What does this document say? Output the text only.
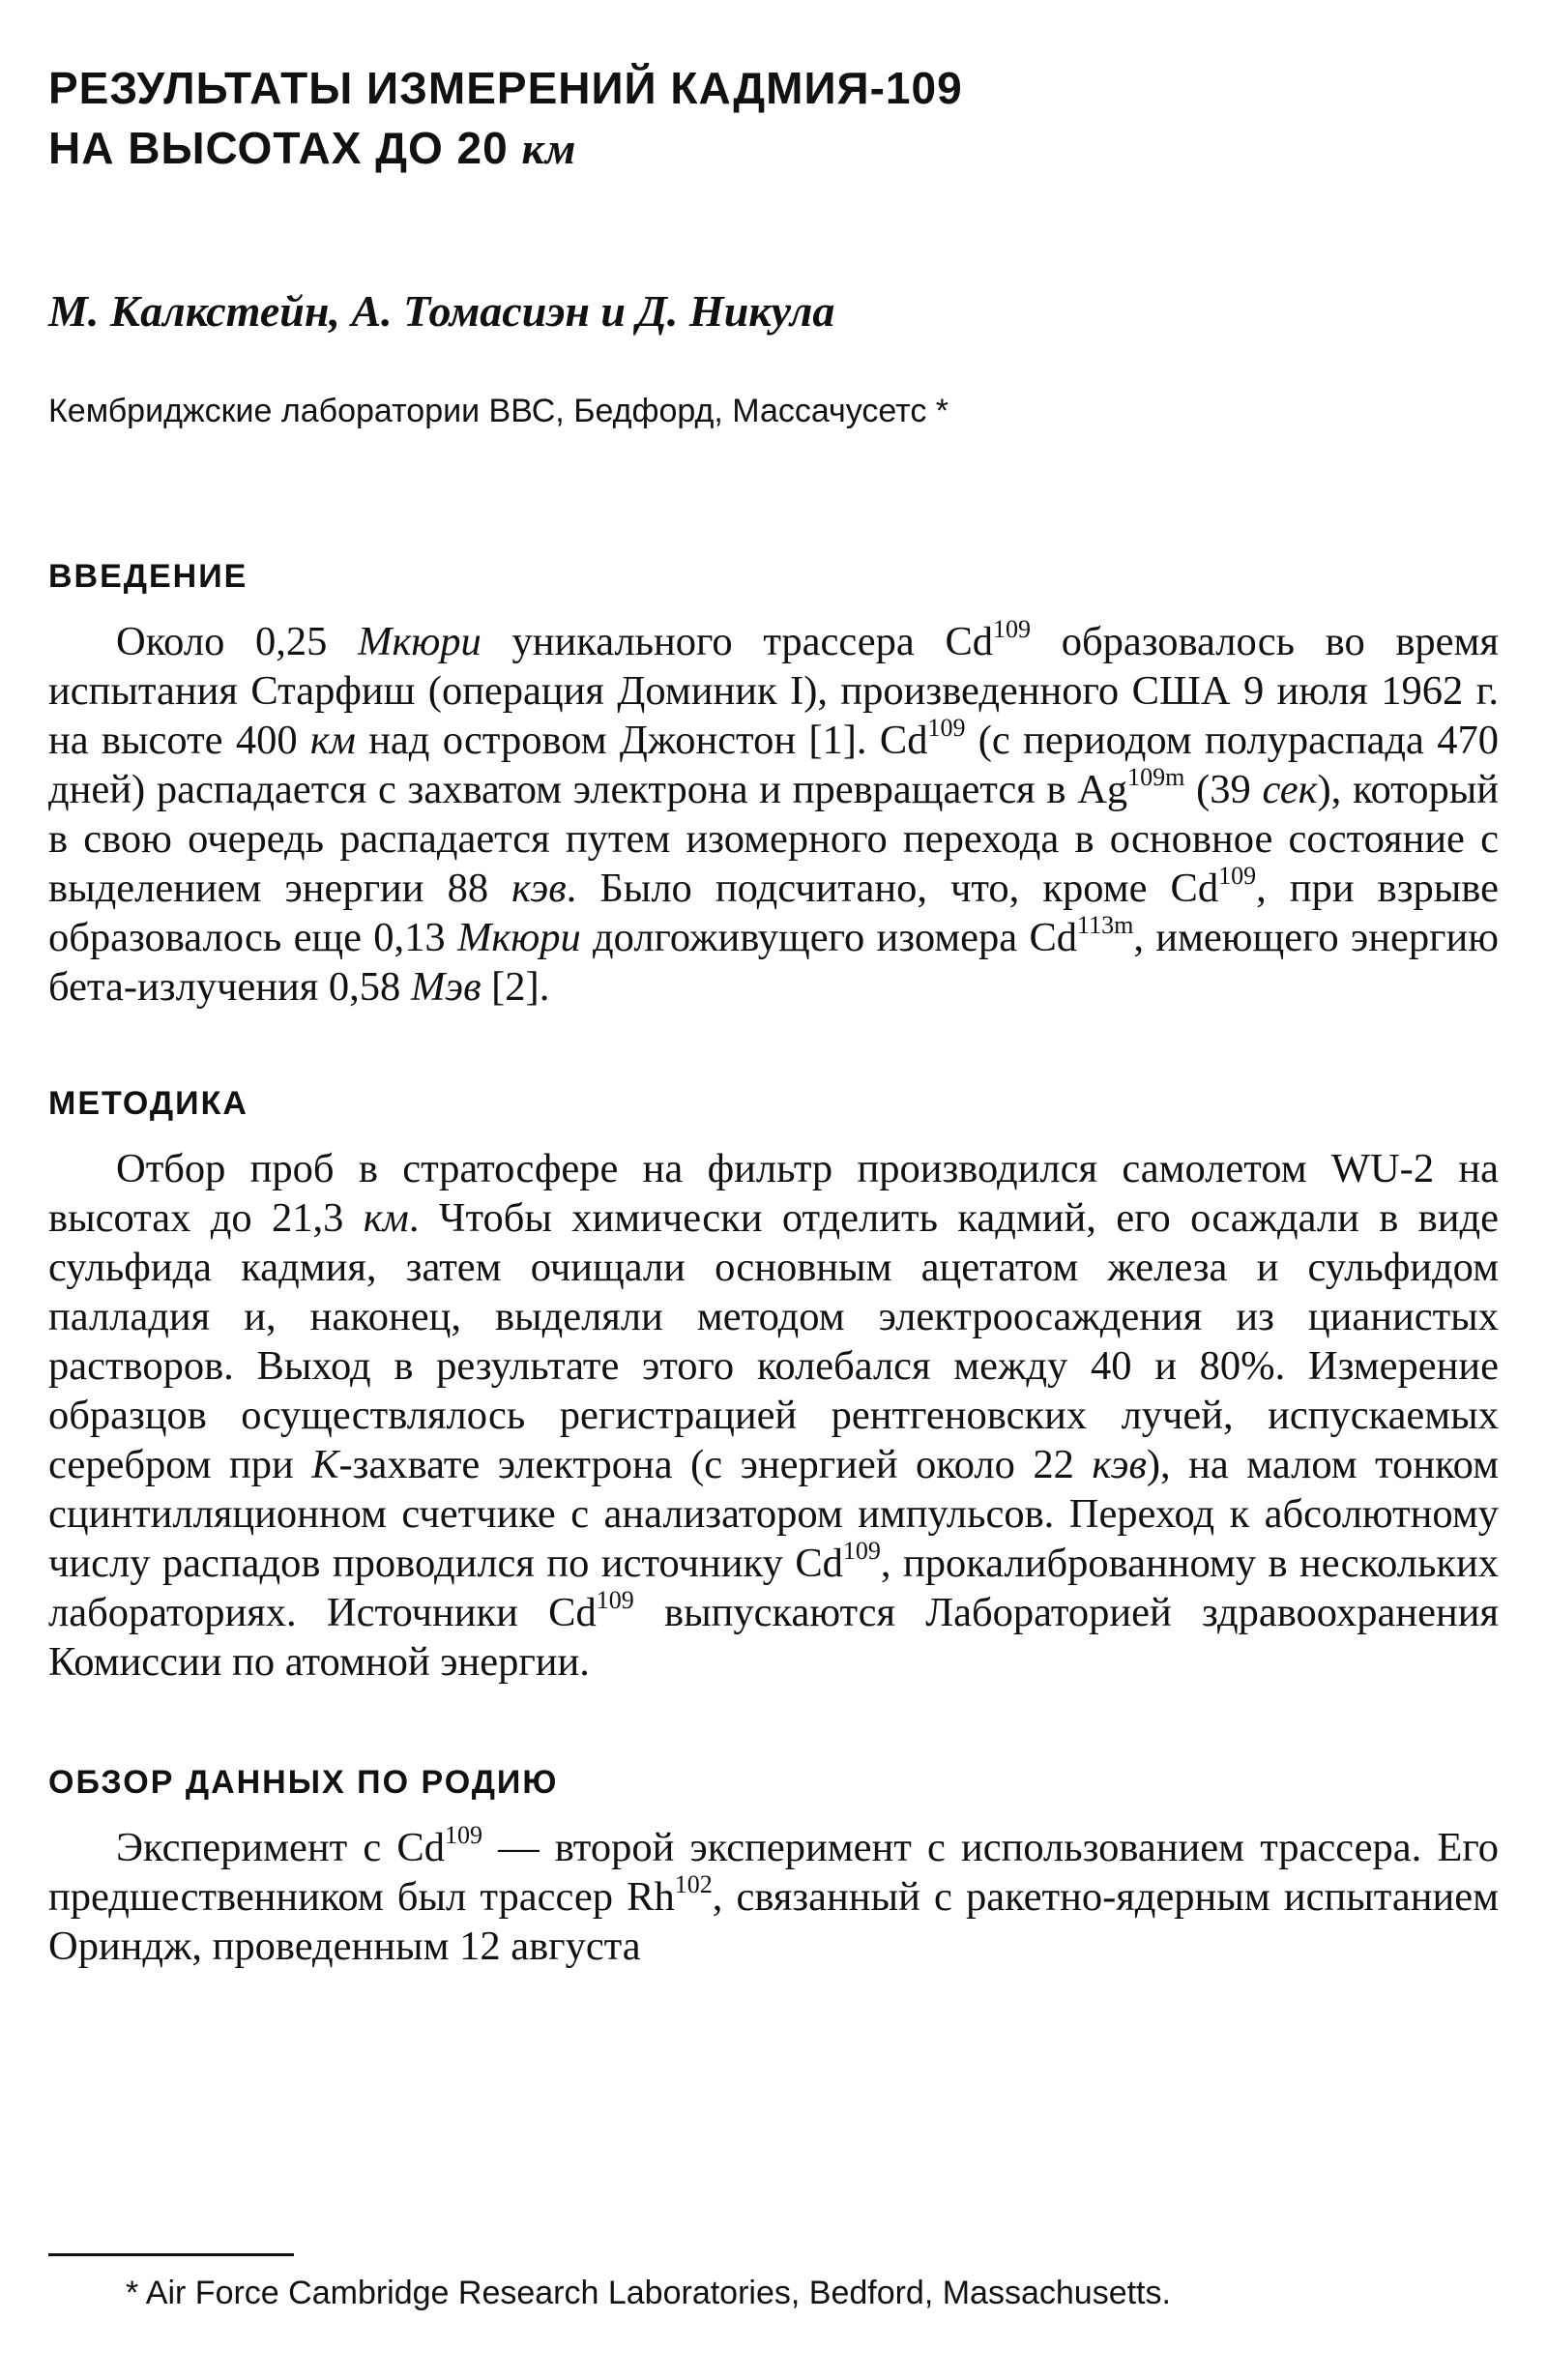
РЕЗУЛЬТАТЫ ИЗМЕРЕНИЙ КАДМИЯ-109
НА ВЫСОТАХ ДО 20 км
М. Калкстейн, А. Томасиэн и Д. Никула
Кембриджские лаборатории ВВС, Бедфорд, Массачусетс *
ВВЕДЕНИЕ

Около 0,25 Мкюри уникального трассера Cd$^{109}$ образовалось во время испытания Старфиш (операция Доминик I), произведенного США 9 июля 1962 г. на высоте 400 км над островом Джонстон [1]. Cd$^{109}$ (с периодом полураспада 470 дней) распадается с захватом электрона и превращается в $Ag^{109m}$ (39 сек), который в свою очередь распадается путем изомерного перехода в основное состояние с выделением энергии 88 кэв. Было подсчитано, что, кроме Cd$^{109}$, при взрыве образовалось еще 0,13 Мкюри долгоживущего изомера $Cd^{113m}$, имеющего энергию бета-излучения 0,58 Мэв [2].

МЕТОДИКА

Отбор проб в стратосфере на фильтр производился самолетом WU-2 на высотах до 21,3 км. Чтобы химически отделить кадмий, его осаждали в виде сульфида кадмия, затем очищали основным ацетатом железа и сульфидом палладия и, наконец, выделяли методом электроосаждения из цианистых растворов. Выход в результате этого колебался между 40 и 80%. Измерение образцов осуществлялось регистрацией рентгеновских лучей, испускаемых серебром при К-захвате электрона (с энергией около 22 кэв), на малом тонком сцинтилляционном счетчике с анализатором импульсов. Переход к абсолютному числу распадов проводился по источнику Cd$^{109}$, прокалиброванному в нескольких лабораториях. Источники Cd$^{109}$ выпускаются Лабораторией здравоохранения Комиссии по атомной энергии.

ОБЗОР ДАННЫХ ПО РОДИЮ

Эксперимент с Cd$^{109}$ — второй эксперимент с использованием трассера. Его предшественником был трассер Rh$^{102}$, связанный с ракетно-ядерным испытанием Ориндж, проведенным 12 августа

* Air Force Cambridge Research Laboratories, Bedford, Massachusetts.
